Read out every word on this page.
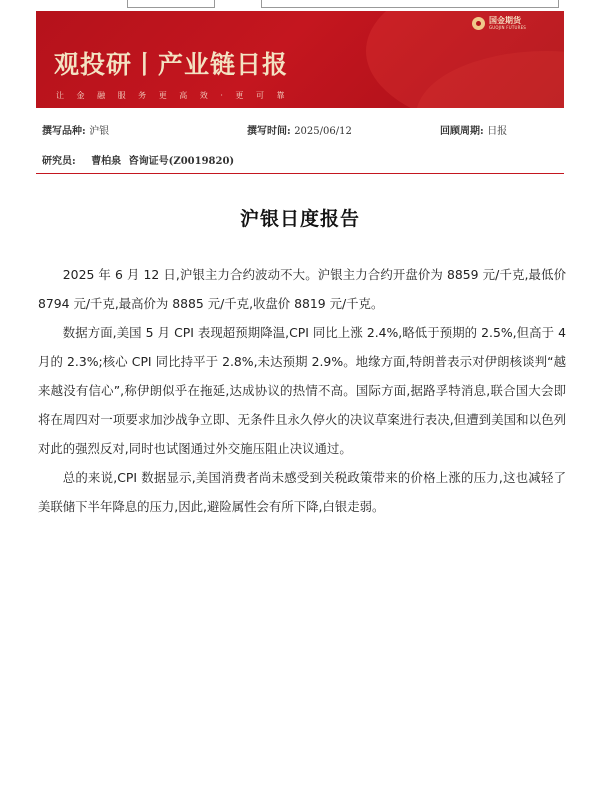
国金期货
GUOJIN FUTURES
观投研丨产业链日报
让 金 融 服 务 更 高 效 · 更 可 靠
撰写品种: 沪银	撰写时间: 2025/06/12	回顾周期: 日报
研究员: 曹柏泉 咨询证号(Z0019820)
沪银日度报告

2025 年 6 月 12 日,沪银主力合约波动不大。沪银主力合约开盘价为 8859 元/千克,最低价 8794 元/千克,最高价为 8885 元/千克,收盘价 8819 元/千克。

数据方面,美国 5 月 CPI 表现超预期降温,CPI 同比上涨 2.4%,略低于预期的 2.5%,但高于 4 月的 2.3%;核心 CPI 同比持平于 2.8%,未达预期 2.9%。地缘方面,特朗普表示对伊朗核谈判“越来越没有信心”,称伊朗似乎在拖延,达成协议的热情不高。国际方面,据路孚特消息,联合国大会即将在周四对一项要求加沙战争立即、无条件且永久停火的决议草案进行表决,但遭到美国和以色列对此的强烈反对,同时也试图通过外交施压阻止决议通过。

总的来说,CPI 数据显示,美国消费者尚未感受到关税政策带来的价格上涨的压力,这也减轻了美联储下半年降息的压力,因此,避险属性会有所下降,白银走弱。
